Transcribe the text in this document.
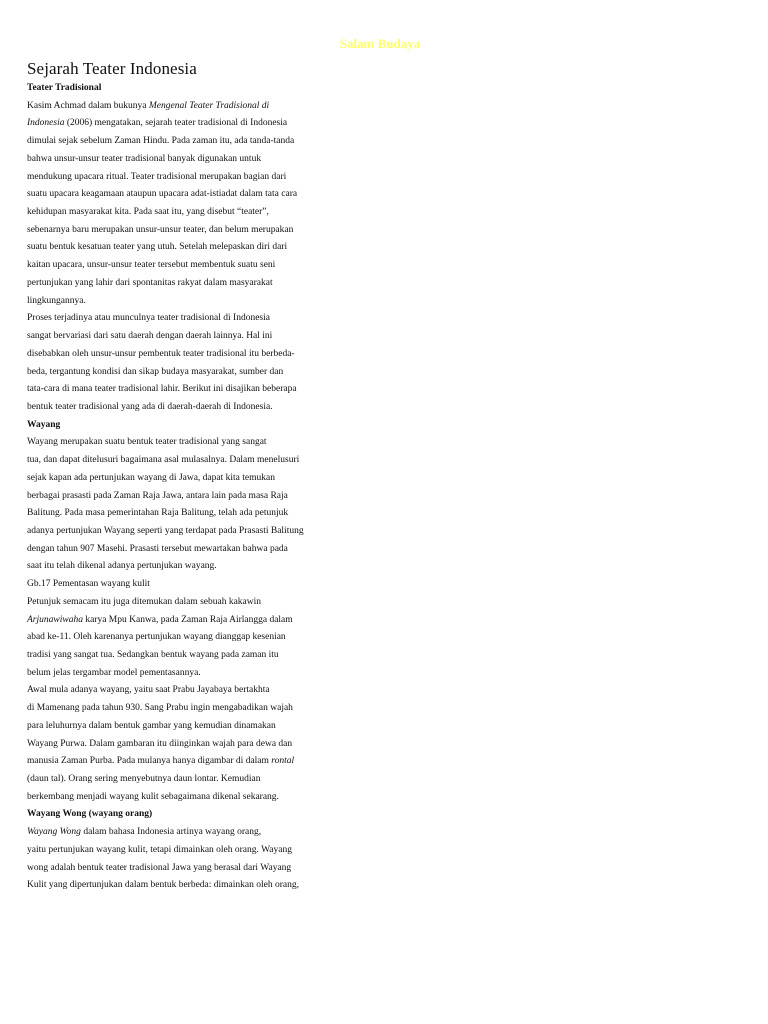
Salam Budaya
Sejarah Teater Indonesia
Teater Tradisional
Kasim Achmad dalam bukunya Mengenal Teater Tradisional di
Indonesia (2006) mengatakan, sejarah teater tradisional di Indonesia
dimulai sejak sebelum Zaman Hindu. Pada zaman itu, ada tanda-tanda
bahwa unsur-unsur teater tradisional banyak digunakan untuk
mendukung upacara ritual. Teater tradisional merupakan bagian dari
suatu upacara keagamaan ataupun upacara adat-istiadat dalam tata cara
kehidupan masyarakat kita. Pada saat itu, yang disebut “teater”,
sebenarnya baru merupakan unsur-unsur teater, dan belum merupakan
suatu bentuk kesatuan teater yang utuh. Setelah melepaskan diri dari
kaitan upacara, unsur-unsur teater tersebut membentuk suatu seni
pertunjukan yang lahir dari spontanitas rakyat dalam masyarakat
lingkungannya.
Proses terjadinya atau munculnya teater tradisional di Indonesia
sangat bervariasi dari satu daerah dengan daerah lainnya. Hal ini
disebabkan oleh unsur-unsur pembentuk teater tradisional itu berbeda-
beda, tergantung kondisi dan sikap budaya masyarakat, sumber dan
tata-cara di mana teater tradisional lahir. Berikut ini disajikan beberapa
bentuk teater tradisional yang ada di daerah-daerah di Indonesia.
Wayang
Wayang merupakan suatu bentuk teater tradisional yang sangat
tua, dan dapat ditelusuri bagaimana asal mulasalnya. Dalam menelusuri
sejak kapan ada pertunjukan wayang di Jawa, dapat kita temukan
berbagai prasasti pada Zaman Raja Jawa, antara lain pada masa Raja
Balitung. Pada masa pemerintahan Raja Balitung, telah ada petunjuk
adanya pertunjukan Wayang seperti yang terdapat pada Prasasti Balitung
dengan tahun 907 Masehi. Prasasti tersebut mewartakan bahwa pada
saat itu telah dikenal adanya pertunjukan wayang.
Gb.17 Pementasan wayang kulit
Petunjuk semacam itu juga ditemukan dalam sebuah kakawin
Arjunawiwaha karya Mpu Kanwa, pada Zaman Raja Airlangga dalam
abad ke-11. Oleh karenanya pertunjukan wayang dianggap kesenian
tradisi yang sangat tua. Sedangkan bentuk wayang pada zaman itu
belum jelas tergambar model pementasannya.
Awal mula adanya wayang, yaitu saat Prabu Jayabaya bertakhta
di Mamenang pada tahun 930. Sang Prabu ingin mengabadikan wajah
para leluhurnya dalam bentuk gambar yang kemudian dinamakan
Wayang Purwa. Dalam gambaran itu diinginkan wajah para dewa dan
manusia Zaman Purba. Pada mulanya hanya digambar di dalam rontal
(daun tal). Orang sering menyebutnya daun lontar. Kemudian
berkembang menjadi wayang kulit sebagaimana dikenal sekarang.
Wayang Wong (wayang orang)
Wayang Wong dalam bahasa Indonesia artinya wayang orang,
yaitu pertunjukan wayang kulit, tetapi dimainkan oleh orang. Wayang
wong adalah bentuk teater tradisional Jawa yang berasal dari Wayang
Kulit yang dipertunjukan dalam bentuk berbeda: dimainkan oleh orang,
